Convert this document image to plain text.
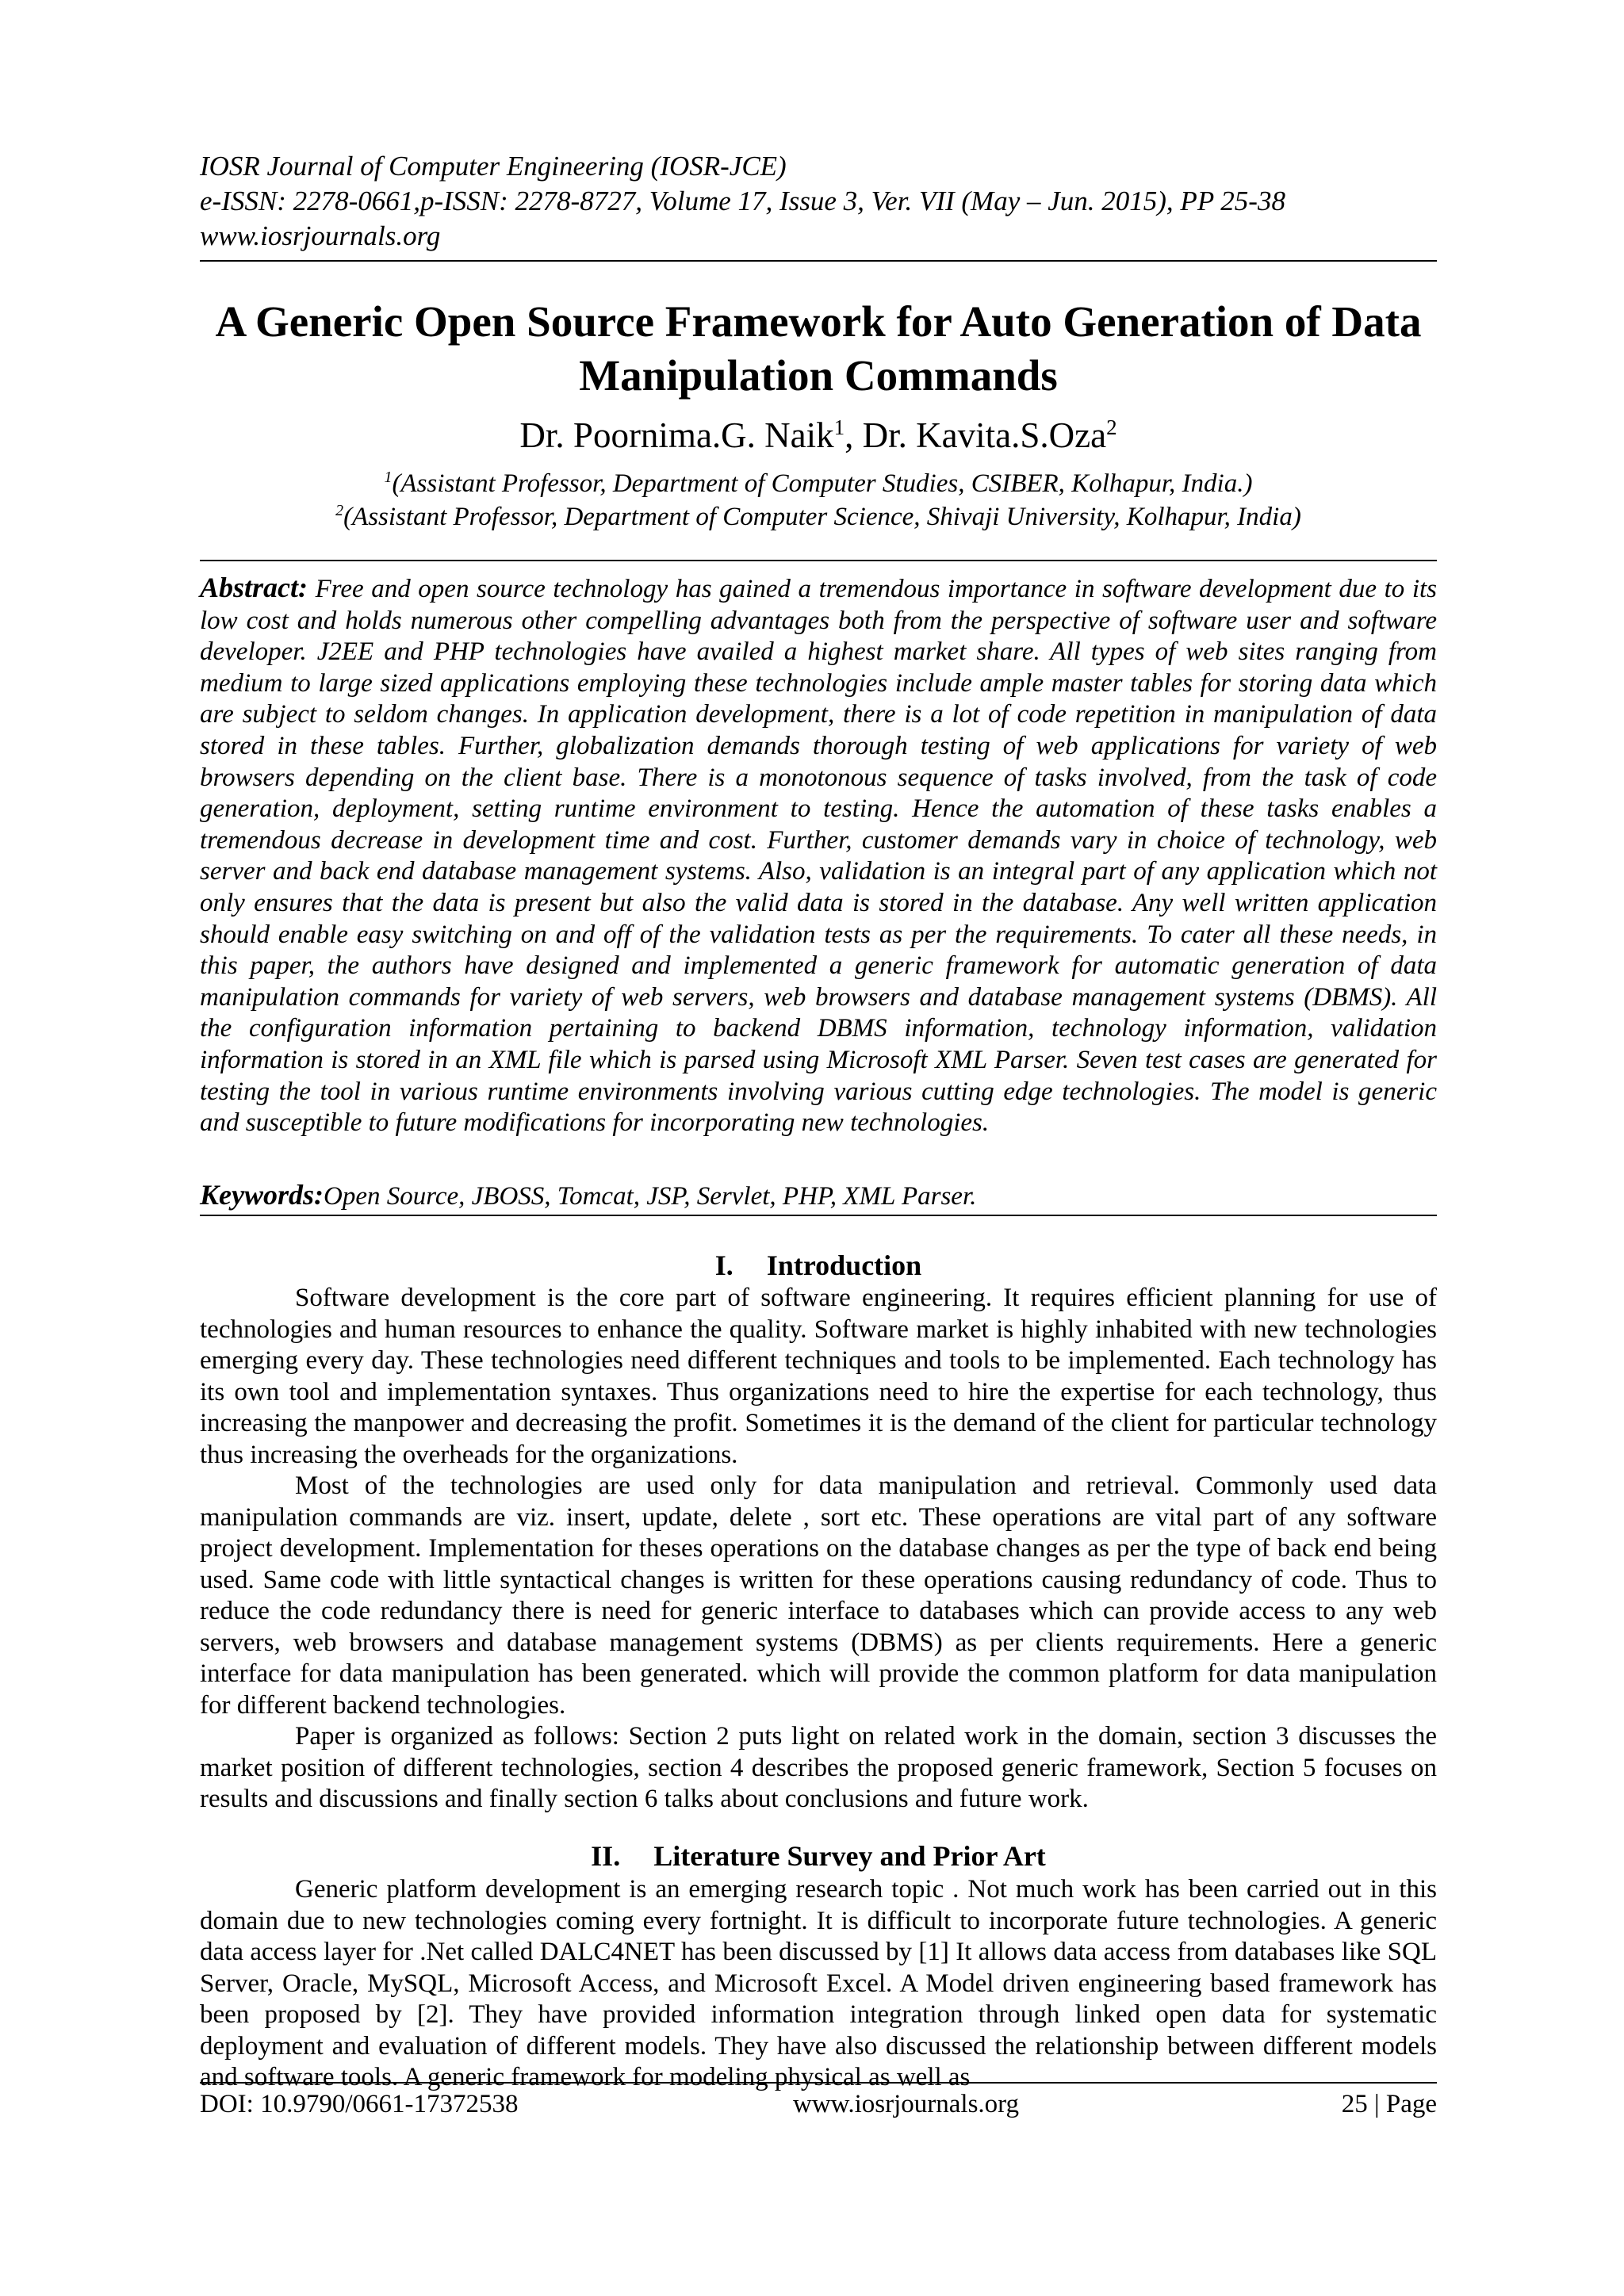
IOSR Journal of Computer Engineering (IOSR-JCE)
e-ISSN: 2278-0661,p-ISSN: 2278-8727, Volume 17, Issue 3, Ver. VII (May – Jun. 2015), PP 25-38
www.iosrjournals.org
A Generic Open Source Framework for Auto Generation of Data
Manipulation Commands
Dr. Poornima.G. Naik$^1$, Dr. Kavita.S.Oza$^2$
$^1$(Assistant Professor, Department of Computer Studies, CSIBER, Kolhapur, India.)
$^2$(Assistant Professor, Department of Computer Science, Shivaji University, Kolhapur, India)
Abstract: Free and open source technology has gained a tremendous importance in software development due to its low cost and holds numerous other compelling advantages both from the perspective of software user and software developer. J2EE and PHP technologies have availed a highest market share. All types of web sites ranging from medium to large sized applications employing these technologies include ample master tables for storing data which are subject to seldom changes. In application development, there is a lot of code repetition in manipulation of data stored in these tables. Further, globalization demands thorough testing of web applications for variety of web browsers depending on the client base. There is a monotonous sequence of tasks involved, from the task of code generation, deployment, setting runtime environment to testing. Hence the automation of these tasks enables a tremendous decrease in development time and cost. Further, customer demands vary in choice of technology, web server and back end database management systems. Also, validation is an integral part of any application which not only ensures that the data is present but also the valid data is stored in the database. Any well written application should enable easy switching on and off of the validation tests as per the requirements. To cater all these needs, in this paper, the authors have designed and implemented a generic framework for automatic generation of data manipulation commands for variety of web servers, web browsers and database management systems (DBMS). All the configuration information pertaining to backend DBMS information, technology information, validation information is stored in an XML file which is parsed using Microsoft XML Parser. Seven test cases are generated for testing the tool in various runtime environments involving various cutting edge technologies. The model is generic and susceptible to future modifications for incorporating new technologies.
Keywords:Open Source, JBOSS, Tomcat, JSP, Servlet, PHP, XML Parser.
I. Introduction

Software development is the core part of software engineering. It requires efficient planning for use of technologies and human resources to enhance the quality. Software market is highly inhabited with new technologies emerging every day. These technologies need different techniques and tools to be implemented. Each technology has its own tool and implementation syntaxes. Thus organizations need to hire the expertise for each technology, thus increasing the manpower and decreasing the profit. Sometimes it is the demand of the client for particular technology thus increasing the overheads for the organizations.

Most of the technologies are used only for data manipulation and retrieval. Commonly used data manipulation commands are viz. insert, update, delete , sort etc. These operations are vital part of any software project development. Implementation for theses operations on the database changes as per the type of back end being used. Same code with little syntactical changes is written for these operations causing redundancy of code. Thus to reduce the code redundancy there is need for generic interface to databases which can provide access to any web servers, web browsers and database management systems (DBMS) as per clients requirements. Here a generic interface for data manipulation has been generated. which will provide the common platform for data manipulation for different backend technologies.

Paper is organized as follows: Section 2 puts light on related work in the domain, section 3 discusses the market position of different technologies, section 4 describes the proposed generic framework, Section 5 focuses on results and discussions and finally section 6 talks about conclusions and future work.

II. Literature Survey and Prior Art

Generic platform development is an emerging research topic . Not much work has been carried out in this domain due to new technologies coming every fortnight. It is difficult to incorporate future technologies. A generic data access layer for .Net called DALC4NET has been discussed by [1] It allows data access from databases like SQL Server, Oracle, MySQL, Microsoft Access, and Microsoft Excel. A Model driven engineering based framework has been proposed by [2]. They have provided information integration through linked open data for systematic deployment and evaluation of different models. They have also discussed the relationship between different models and software tools. A generic framework for modeling physical as well as

DOI: 10.9790/0661-17372538	www.iosrjournals.org	25 | Page
